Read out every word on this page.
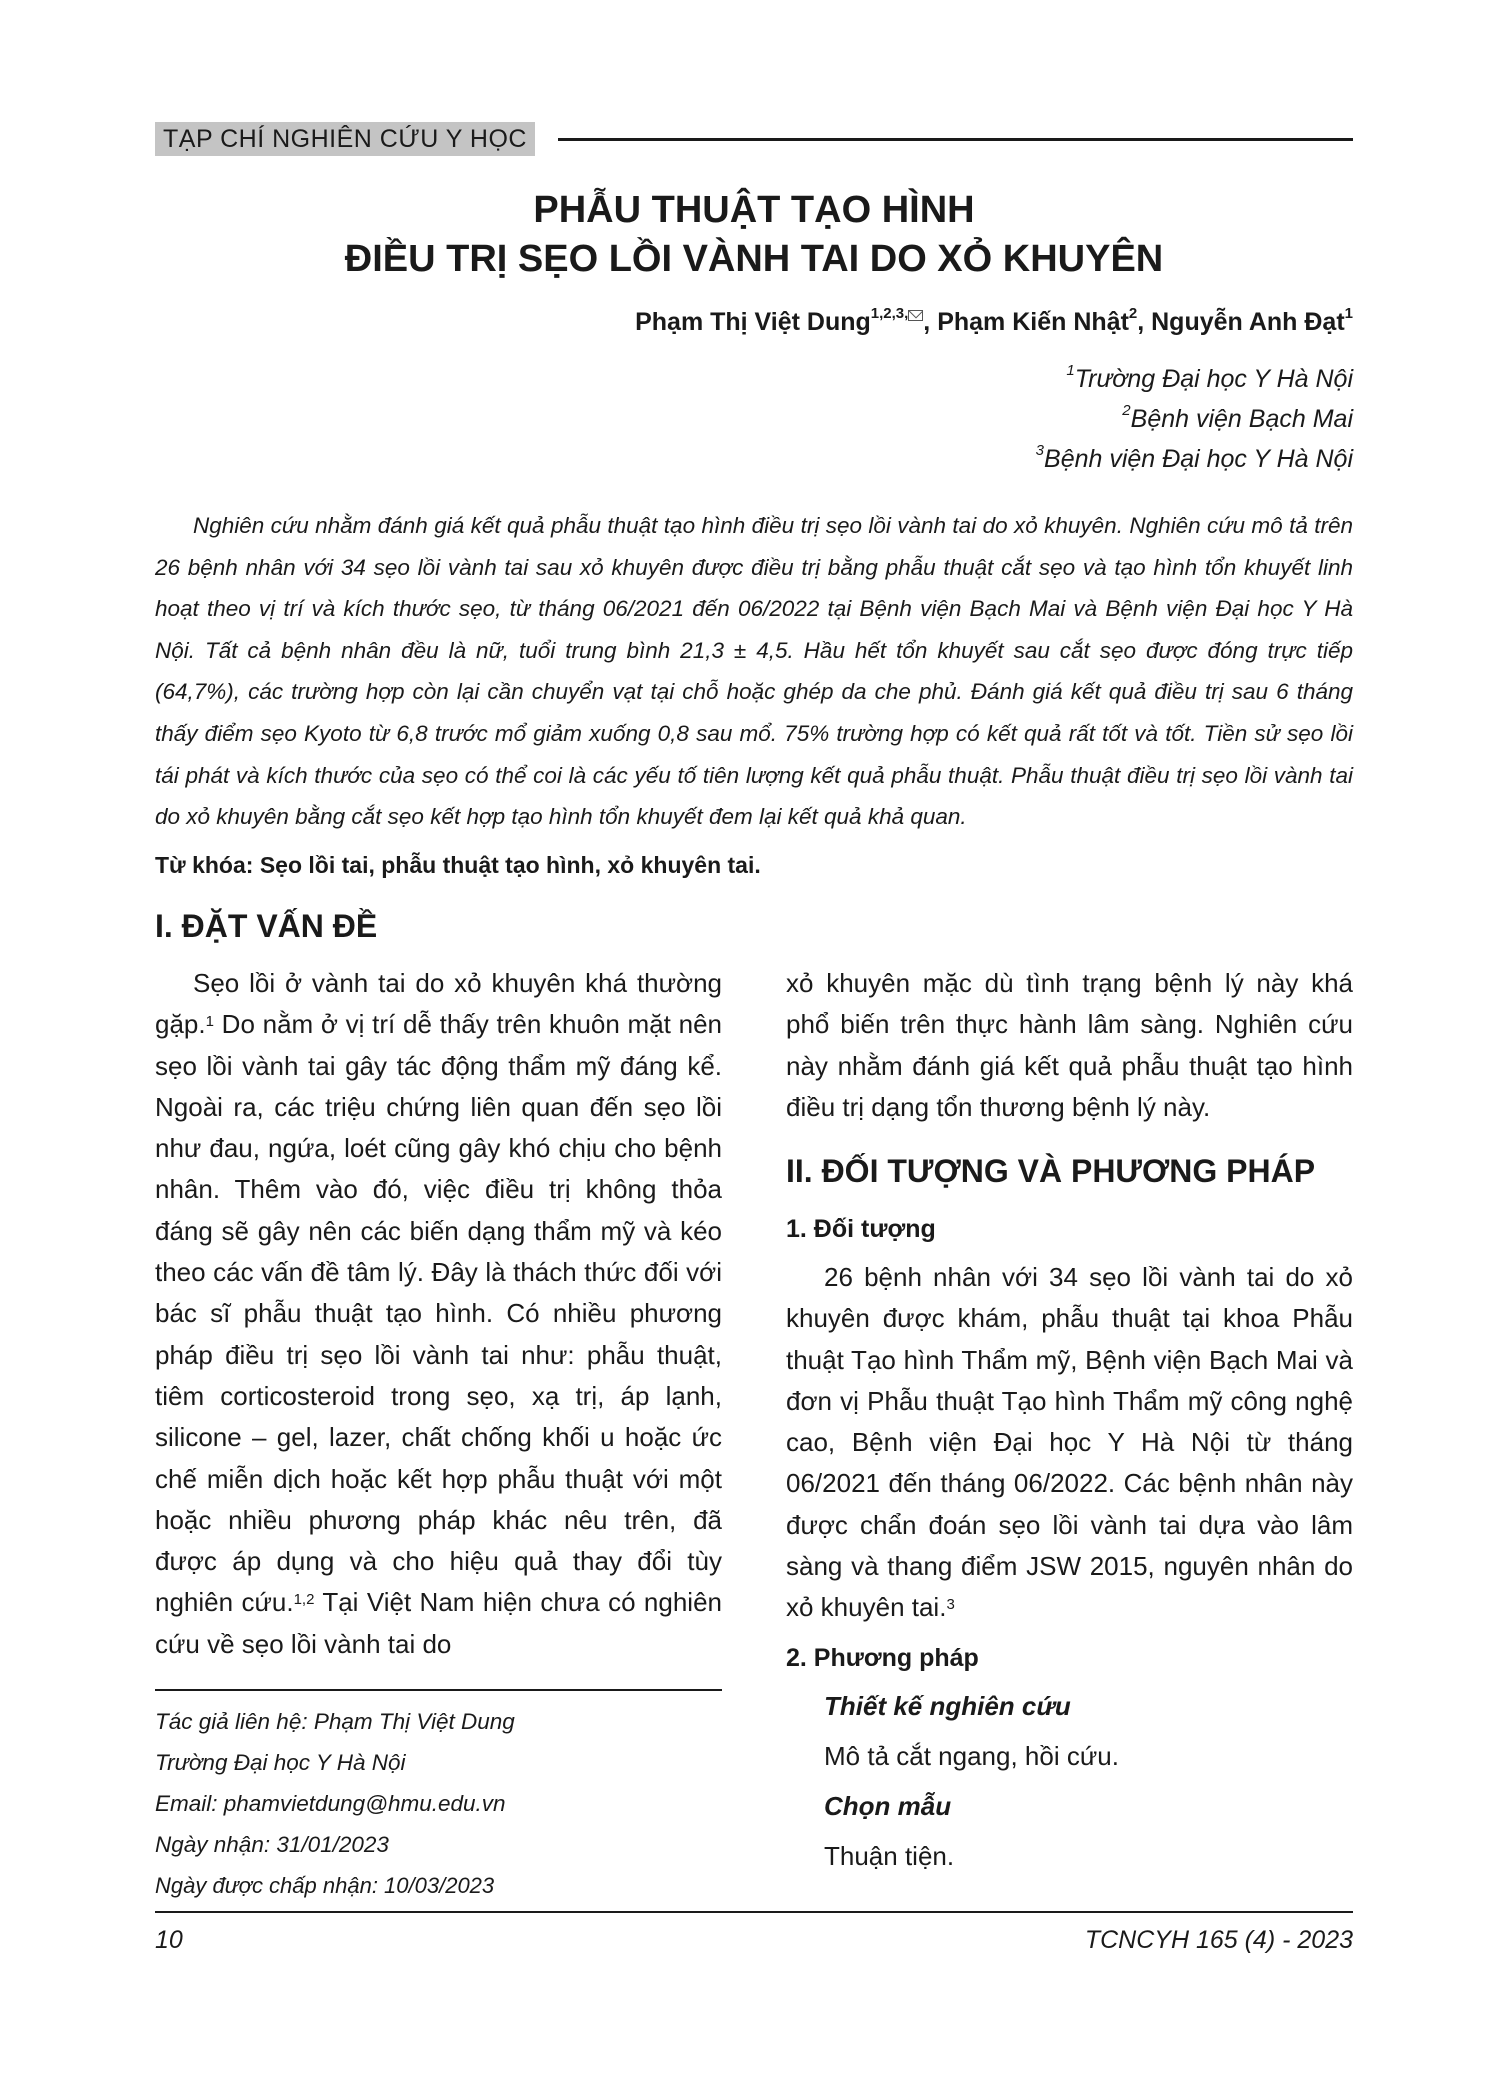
TẠP CHÍ NGHIÊN CỨU Y HỌC
PHẪU THUẬT TẠO HÌNH
ĐIỀU TRỊ SẸO LỒI VÀNH TAI DO XỎ KHUYÊN
Phạm Thị Việt Dung$^{1,2,3,}$ , Phạm Kiến Nhật$^2$, Nguyễn Anh Đạt$^1$
$^1$Trường Đại học Y Hà Nội
$^2$Bệnh viện Bạch Mai
$^3$Bệnh viện Đại học Y Hà Nội

Nghiên cứu nhằm đánh giá kết quả phẫu thuật tạo hình điều trị sẹo lồi vành tai do xỏ khuyên. Nghiên cứu mô tả trên 26 bệnh nhân với 34 sẹo lồi vành tai sau xỏ khuyên được điều trị bằng phẫu thuật cắt sẹo và tạo hình tổn khuyết linh hoạt theo vị trí và kích thước sẹo, từ tháng 06/2021 đến 06/2022 tại Bệnh viện Bạch Mai và Bệnh viện Đại học Y Hà Nội. Tất cả bệnh nhân đều là nữ, tuổi trung bình 21,3 ± 4,5. Hầu hết tổn khuyết sau cắt sẹo được đóng trực tiếp (64,7%), các trường hợp còn lại cần chuyển vạt tại chỗ hoặc ghép da che phủ. Đánh giá kết quả điều trị sau 6 tháng thấy điểm sẹo Kyoto từ 6,8 trước mổ giảm xuống 0,8 sau mổ. 75% trường hợp có kết quả rất tốt và tốt. Tiền sử sẹo lồi tái phát và kích thước của sẹo có thể coi là các yếu tố tiên lượng kết quả phẫu thuật. Phẫu thuật điều trị sẹo lồi vành tai do xỏ khuyên bằng cắt sẹo kết hợp tạo hình tổn khuyết đem lại kết quả khả quan.

Từ khóa: Sẹo lồi tai, phẫu thuật tạo hình, xỏ khuyên tai.
I. ĐẶT VẤN ĐỀ

Sẹo lồi ở vành tai do xỏ khuyên khá thường gặp.$^1$ Do nằm ở vị trí dễ thấy trên khuôn mặt nên sẹo lồi vành tai gây tác động thẩm mỹ đáng kể. Ngoài ra, các triệu chứng liên quan đến sẹo lồi như đau, ngứa, loét cũng gây khó chịu cho bệnh nhân. Thêm vào đó, việc điều trị không thỏa đáng sẽ gây nên các biến dạng thẩm mỹ và kéo theo các vấn đề tâm lý. Đây là thách thức đối với bác sĩ phẫu thuật tạo hình. Có nhiều phương pháp điều trị sẹo lồi vành tai như: phẫu thuật, tiêm corticosteroid trong sẹo, xạ trị, áp lạnh, silicone – gel, lazer, chất chống khối u hoặc ức chế miễn dịch hoặc kết hợp phẫu thuật với một hoặc nhiều phương pháp khác nêu trên, đã được áp dụng và cho hiệu quả thay đổi tùy nghiên cứu.$^{1,2}$ Tại Việt Nam hiện chưa có nghiên cứu về sẹo lồi vành tai do

xỏ khuyên mặc dù tình trạng bệnh lý này khá phổ biến trên thực hành lâm sàng. Nghiên cứu này nhằm đánh giá kết quả phẫu thuật tạo hình điều trị dạng tổn thương bệnh lý này.

II. ĐỐI TƯỢNG VÀ PHƯƠNG PHÁP
1. Đối tượng

26 bệnh nhân với 34 sẹo lồi vành tai do xỏ khuyên được khám, phẫu thuật tại khoa Phẫu thuật Tạo hình Thẩm mỹ, Bệnh viện Bạch Mai và đơn vị Phẫu thuật Tạo hình Thẩm mỹ công nghệ cao, Bệnh viện Đại học Y Hà Nội từ tháng 06/2021 đến tháng 06/2022. Các bệnh nhân này được chẩn đoán sẹo lồi vành tai dựa vào lâm sàng và thang điểm JSW 2015, nguyên nhân do xỏ khuyên tai.$^3$

2. Phương pháp
Thiết kế nghiên cứu
Mô tả cắt ngang, hồi cứu.
Chọn mẫu
Thuận tiện.
Tác giả liên hệ: Phạm Thị Việt Dung
Trường Đại học Y Hà Nội
Email: phamvietdung@hmu.edu.vn
Ngày nhận: 31/01/2023
Ngày được chấp nhận: 10/03/2023
10	TCNCYH 165 (4) - 2023
